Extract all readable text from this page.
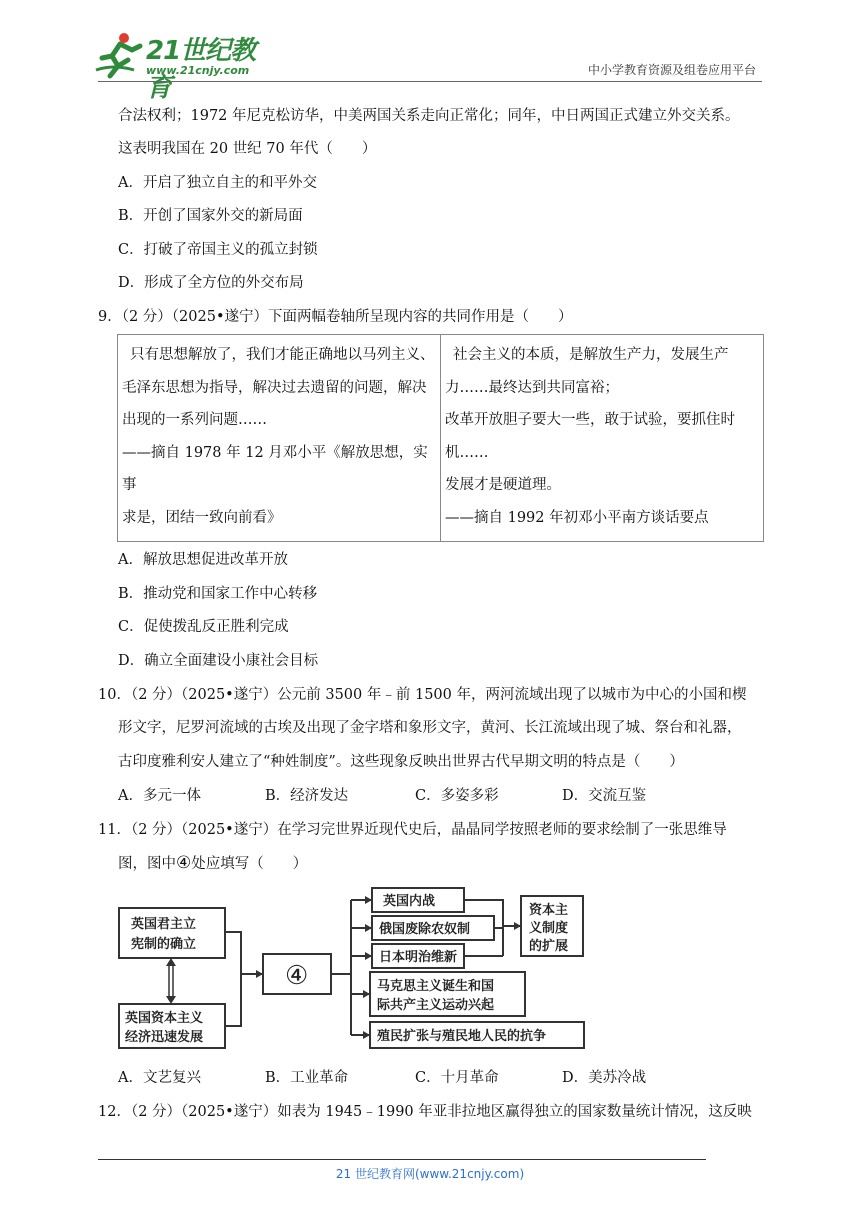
21世纪教育
www.21cnjy.com	中小学教育资源及组卷应用平台
合法权利；1972 年尼克松访华，中美两国关系走向正常化；同年，中日两国正式建立外交关系。
这表明我国在 20 世纪 70 年代（　　）
A．开启了独立自主的和平外交
B．开创了国家外交的新局面
C．打破了帝国主义的孤立封锁
D．形成了全方位的外交布局
9．（2 分）（2025•遂宁）下面两幅卷轴所呈现内容的共同作用是（　　）
只有思想解放了，我们才能正确地以马列主义、
毛泽东思想为指导，解决过去遗留的问题，解决
出现的一系列问题……
——摘自 1978 年 12 月邓小平《解放思想，实事
求是，团结一致向前看》

社会主义的本质，是解放生产力，发展生产
力……最终达到共同富裕；
改革开放胆子要大一些，敢于试验，要抓住时
机……
发展才是硬道理。
——摘自 1992 年初邓小平南方谈话要点
A．解放思想促进改革开放
B．推动党和国家工作中心转移
C．促使拨乱反正胜利完成
D．确立全面建设小康社会目标
10．（2 分）（2025•遂宁）公元前 3500 年﹣前 1500 年，两河流域出现了以城市为中心的小国和楔
形文字，尼罗河流域的古埃及出现了金字塔和象形文字，黄河、长江流域出现了城、祭台和礼器，
古印度雅利安人建立了“种姓制度”。这些现象反映出世界古代早期文明的特点是（　　）
A．多元一体	B．经济发达	C．多姿多彩	D．交流互鉴
11．（2 分）（2025•遂宁）在学习完世界近现代史后，晶晶同学按照老师的要求绘制了一张思维导
图，图中④处应填写（　　）
英国君主立
宪制的确立
英国资本主义
经济迅速发展
④
英国内战
俄国废除农奴制
日本明治维新
马克思主义诞生和国
际共产主义运动兴起
殖民扩张与殖民地人民的抗争
资本主
义制度
的扩展
A．文艺复兴	B．工业革命	C．十月革命	D．美苏冷战
12．（2 分）（2025•遂宁）如表为 1945﹣1990 年亚非拉地区赢得独立的国家数量统计情况，这反映
21 世纪教育网(www.21cnjy.com)
